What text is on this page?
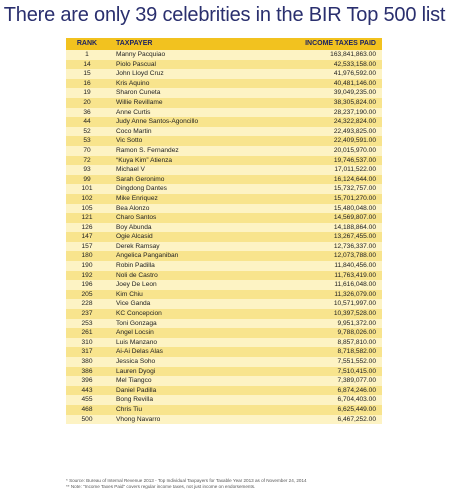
There are only 39 celebrities in the BIR Top 500 list
RANK	TAXPAYER	INCOME TAXES PAID
1	Manny Pacquiao	163,841,863.00
14	Piolo Pascual	42,533,158.00
15	John Lloyd Cruz	41,976,592.00
16	Kris Aquino	40,481,146.00
19	Sharon Cuneta	39,049,235.00
20	Willie Revillame	38,305,824.00
36	Anne Curtis	28,237,190.00
44	Judy Anne Santos-Agoncillo	24,322,824.00
52	Coco Martin	22,493,825.00
53	Vic Sotto	22,409,591.00
70	Ramon S. Fernandez	20,015,970.00
72	“Kuya Kim” Atienza	19,746,537.00
93	Michael V	17,011,522.00
99	Sarah Geronimo	16,124,644.00
101	Dingdong Dantes	15,732,757.00
102	Mike Enriquez	15,701,270.00
105	Bea Alonzo	15,480,048.00
121	Charo Santos	14,569,807.00
126	Boy Abunda	14,188,864.00
147	Ogie Alcasid	13,267,455.00
157	Derek Ramsay	12,736,337.00
180	Angelica Panganiban	12,073,788.00
190	Robin Padilla	11,840,456.00
192	Noli de Castro	11,763,419.00
196	Joey De Leon	11,616,048.00
205	Kim Chiu	11,326,079.00
228	Vice Ganda	10,571,997.00
237	KC Concepcion	10,397,528.00
253	Toni Gonzaga	9,951,372.00
261	Angel Locsin	9,788,026.00
310	Luis Manzano	8,857,810.00
317	Ai-Ai Delas Alas	8,718,582.00
380	Jessica Soho	7,551,552.00
386	Lauren Dyogi	7,510,415.00
396	Mel Tiangco	7,389,077.00
443	Daniel Padilla	6,874,246.00
455	Bong Revilla	6,704,403.00
468	Chris Tiu	6,625,449.00
500	Vhong Navarro	6,467,252.00
* Source: Bureau of Internal Revenue 2013 - Top Individual Taxpayers for Taxable Year 2013 as of November 24, 2014
** Note: "Income Taxes Paid" covers regular income taxes, not just income on endorsements.
